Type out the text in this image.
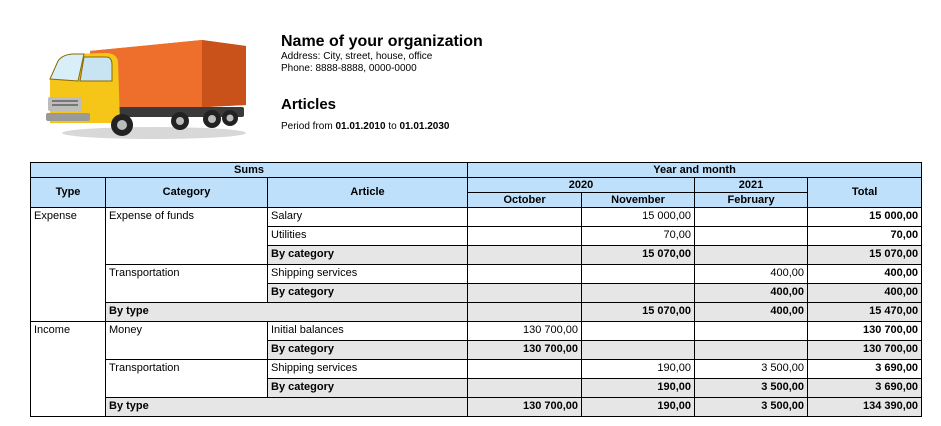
Name of your organization
Address: City, street, house, office
Phone: 8888-8888, 0000-0000
Articles
Period from 01.01.2010 to 01.01.2030
Sums			Year and month			
Type	Category	Article	2020		2021	Total
			October	November	February	
Expense	Expense of funds	Salary		15 000,00		15 000,00
		Utilities		70,00		70,00
		By category		15 070,00		15 070,00
	Transportation	Shipping services			400,00	400,00
		By category			400,00	400,00
	By type			15 070,00	400,00	15 470,00
Income	Money	Initial balances	130 700,00			130 700,00
		By category	130 700,00			130 700,00
	Transportation	Shipping services		190,00	3 500,00	3 690,00
		By category		190,00	3 500,00	3 690,00
	By type		130 700,00	190,00	3 500,00	134 390,00
